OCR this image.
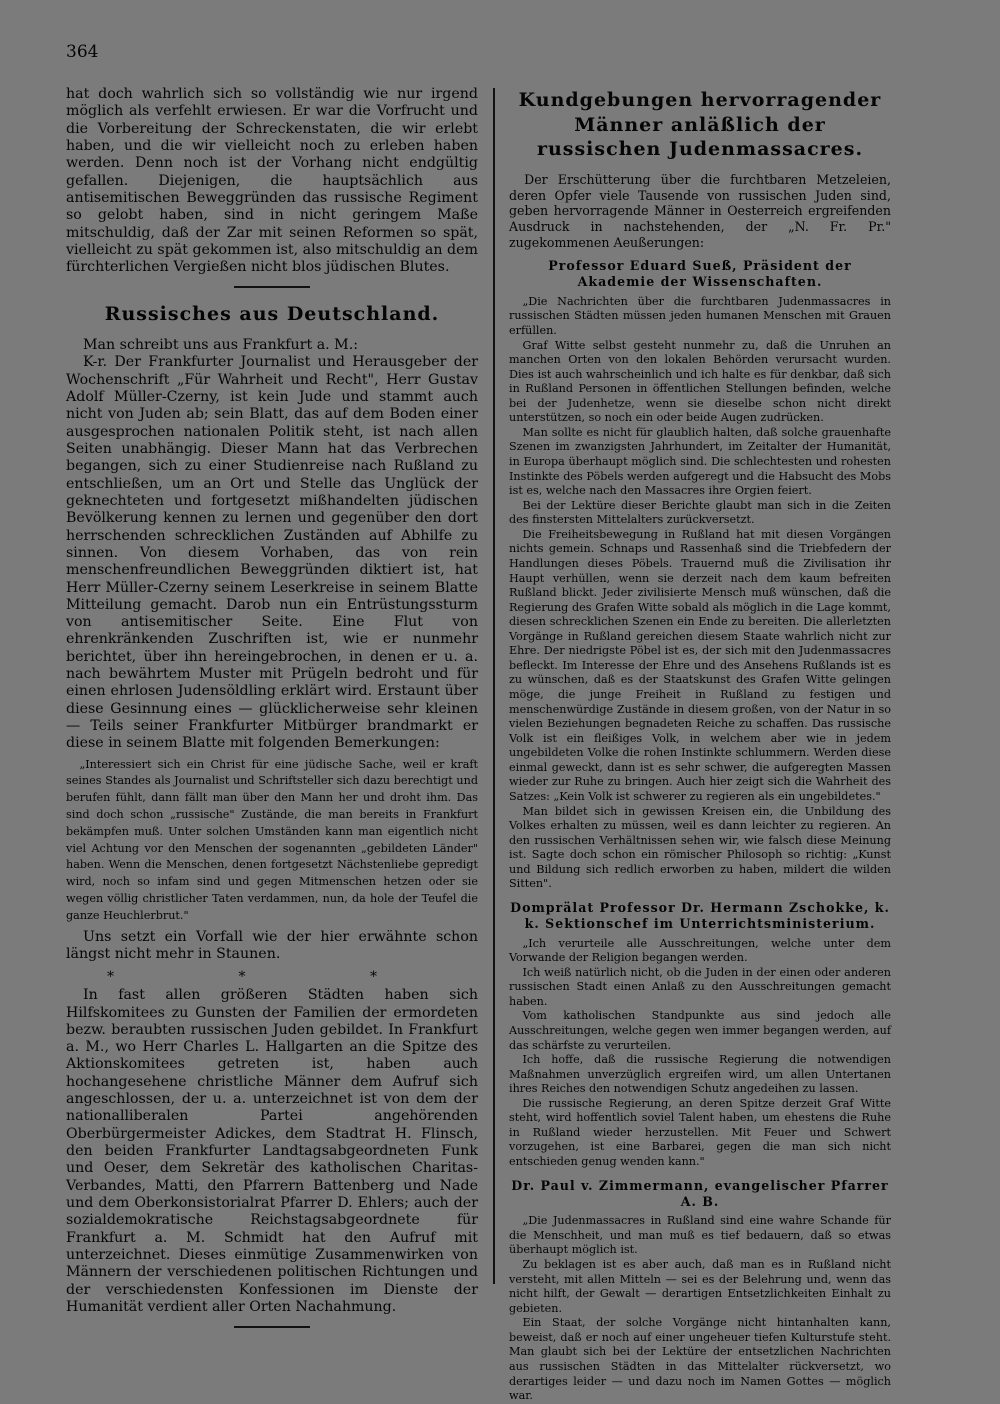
364

hat doch wahrlich sich so vollständig wie nur irgend möglich als verfehlt erwiesen. Er war die Vorfrucht und die Vorbereitung der Schreckenstaten, die wir erlebt haben, und die wir vielleicht noch zu erleben haben werden. Denn noch ist der Vorhang nicht endgültig gefallen. Diejenigen, die hauptsächlich aus antisemitischen Beweggründen das russische Regiment so gelobt haben, sind in nicht geringem Maße mitschuldig, daß der Zar mit seinen Reformen so spät, vielleicht zu spät gekommen ist, also mitschuldig an dem fürchterlichen Vergießen nicht blos jüdischen Blutes.

Russisches aus Deutschland.

Man schreibt uns aus Frankfurt a. M.:

K-r. Der Frankfurter Journalist und Herausgeber der Wochenschrift „Für Wahrheit und Recht", Herr Gustav Adolf Müller-Czerny, ist kein Jude und stammt auch nicht von Juden ab; sein Blatt, das auf dem Boden einer ausgesprochen nationalen Politik steht, ist nach allen Seiten unabhängig. Dieser Mann hat das Verbrechen begangen, sich zu einer Studienreise nach Rußland zu entschließen, um an Ort und Stelle das Unglück der geknechteten und fortgesetzt mißhandelten jüdischen Bevölkerung kennen zu lernen und gegenüber den dort herrschenden schrecklichen Zuständen auf Abhilfe zu sinnen. Von diesem Vorhaben, das von rein menschenfreundlichen Beweggründen diktiert ist, hat Herr Müller-Czerny seinem Leserkreise in seinem Blatte Mitteilung gemacht. Darob nun ein Entrüstungssturm von antisemitischer Seite. Eine Flut von ehrenkränkenden Zuschriften ist, wie er nunmehr berichtet, über ihn hereingebrochen, in denen er u. a. nach bewährtem Muster mit Prügeln bedroht und für einen ehrlosen Judensöldling erklärt wird. Erstaunt über diese Gesinnung eines — glücklicherweise sehr kleinen — Teils seiner Frankfurter Mitbürger brandmarkt er diese in seinem Blatte mit folgenden Bemerkungen:

„Interessiert sich ein Christ für eine jüdische Sache, weil er kraft seines Standes als Journalist und Schriftsteller sich dazu berechtigt und berufen fühlt, dann fällt man über den Mann her und droht ihm. Das sind doch schon „russische" Zustände, die man bereits in Frankfurt bekämpfen muß. Unter solchen Umständen kann man eigentlich nicht viel Achtung vor den Menschen der sogenannten „gebildeten Länder" haben. Wenn die Menschen, denen fortgesetzt Nächstenliebe gepredigt wird, noch so infam sind und gegen Mitmenschen hetzen oder sie wegen völlig christlicher Taten verdammen, nun, da hole der Teufel die ganze Heuchlerbrut."

Uns setzt ein Vorfall wie der hier erwähnte schon längst nicht mehr in Staunen.

* * *

In fast allen größeren Städten haben sich Hilfskomitees zu Gunsten der Familien der ermordeten bezw. beraubten russischen Juden gebildet. In Frankfurt a. M., wo Herr Charles L. Hallgarten an die Spitze des Aktionskomitees getreten ist, haben auch hochangesehene christliche Männer dem Aufruf sich angeschlossen, der u. a. unterzeichnet ist von dem der nationalliberalen Partei angehörenden Oberbürgermeister Adickes, dem Stadtrat H. Flinsch, den beiden Frankfurter Landtagsabgeordneten Funk und Oeser, dem Sekretär des katholischen Charitas-Verbandes, Matti, den Pfarrern Battenberg und Nade und dem Oberkonsistorialrat Pfarrer D. Ehlers; auch der sozialdemokratische Reichstagsabgeordnete für Frankfurt a. M. Schmidt hat den Aufruf mit unterzeichnet. Dieses einmütige Zusammenwirken von Männern der verschiedenen politischen Richtungen und der verschiedensten Konfessionen im Dienste der Humanität verdient aller Orten Nachahmung.

Kundgebungen hervorragender Männer anläßlich der russischen Judenmassacres.

Der Erschütterung über die furchtbaren Metzeleien, deren Opfer viele Tausende von russischen Juden sind, geben hervorragende Männer in Oesterreich ergreifenden Ausdruck in nachstehenden, der „N. Fr. Pr." zugekommenen Aeußerungen:

Professor Eduard Sueß, Präsident der Akademie der Wissenschaften.

„Die Nachrichten über die furchtbaren Judenmassacres in russischen Städten müssen jeden humanen Menschen mit Grauen erfüllen.

Graf Witte selbst gesteht nunmehr zu, daß die Unruhen an manchen Orten von den lokalen Behörden verursacht wurden. Dies ist auch wahrscheinlich und ich halte es für denkbar, daß sich in Rußland Personen in öffentlichen Stellungen befinden, welche bei der Judenhetze, wenn sie dieselbe schon nicht direkt unterstützen, so noch ein oder beide Augen zudrücken.

Man sollte es nicht für glaublich halten, daß solche grauenhafte Szenen im zwanzigsten Jahrhundert, im Zeitalter der Humanität, in Europa überhaupt möglich sind. Die schlechtesten und rohesten Instinkte des Pöbels werden aufgeregt und die Habsucht des Mobs ist es, welche nach den Massacres ihre Orgien feiert.

Bei der Lektüre dieser Berichte glaubt man sich in die Zeiten des finstersten Mittelalters zurückversetzt.

Die Freiheitsbewegung in Rußland hat mit diesen Vorgängen nichts gemein. Schnaps und Rassenhaß sind die Triebfedern der Handlungen dieses Pöbels. Trauernd muß die Zivilisation ihr Haupt verhüllen, wenn sie derzeit nach dem kaum befreiten Rußland blickt. Jeder zivilisierte Mensch muß wünschen, daß die Regierung des Grafen Witte sobald als möglich in die Lage kommt, diesen schrecklichen Szenen ein Ende zu bereiten. Die allerletzten Vorgänge in Rußland gereichen diesem Staate wahrlich nicht zur Ehre. Der niedrigste Pöbel ist es, der sich mit den Judenmassacres befleckt. Im Interesse der Ehre und des Ansehens Rußlands ist es zu wünschen, daß es der Staatskunst des Grafen Witte gelingen möge, die junge Freiheit in Rußland zu festigen und menschenwürdige Zustände in diesem großen, von der Natur in so vielen Beziehungen begnadeten Reiche zu schaffen. Das russische Volk ist ein fleißiges Volk, in welchem aber wie in jedem ungebildeten Volke die rohen Instinkte schlummern. Werden diese einmal geweckt, dann ist es sehr schwer, die aufgeregten Massen wieder zur Ruhe zu bringen. Auch hier zeigt sich die Wahrheit des Satzes: „Kein Volk ist schwerer zu regieren als ein ungebildetes."

Man bildet sich in gewissen Kreisen ein, die Unbildung des Volkes erhalten zu müssen, weil es dann leichter zu regieren. An den russischen Verhältnissen sehen wir, wie falsch diese Meinung ist. Sagte doch schon ein römischer Philosoph so richtig: „Kunst und Bildung sich redlich erworben zu haben, mildert die wilden Sitten".

Domprälat Professor Dr. Hermann Zschokke, k. k. Sektionschef im Unterrichtsministerium.

„Ich verurteile alle Ausschreitungen, welche unter dem Vorwande der Religion begangen werden.

Ich weiß natürlich nicht, ob die Juden in der einen oder anderen russischen Stadt einen Anlaß zu den Ausschreitungen gemacht haben.

Vom katholischen Standpunkte aus sind jedoch alle Ausschreitungen, welche gegen wen immer begangen werden, auf das schärfste zu verurteilen.

Ich hoffe, daß die russische Regierung die notwendigen Maßnahmen unverzüglich ergreifen wird, um allen Untertanen ihres Reiches den notwendigen Schutz angedeihen zu lassen.

Die russische Regierung, an deren Spitze derzeit Graf Witte steht, wird hoffentlich soviel Talent haben, um ehestens die Ruhe in Rußland wieder herzustellen. Mit Feuer und Schwert vorzugehen, ist eine Barbarei, gegen die man sich nicht entschieden genug wenden kann."

Dr. Paul v. Zimmermann, evangelischer Pfarrer A. B.

„Die Judenmassacres in Rußland sind eine wahre Schande für die Menschheit, und man muß es tief bedauern, daß so etwas überhaupt möglich ist.

Zu beklagen ist es aber auch, daß man es in Rußland nicht versteht, mit allen Mitteln — sei es der Belehrung und, wenn das nicht hilft, der Gewalt — derartigen Entsetzlichkeiten Einhalt zu gebieten.

Ein Staat, der solche Vorgänge nicht hintanhalten kann, beweist, daß er noch auf einer ungeheuer tiefen Kulturstufe steht. Man glaubt sich bei der Lektüre der entsetzlichen Nachrichten aus russischen Städten in das Mittelalter rückversetzt, wo derartiges leider — und dazu noch im Namen Gottes — möglich war.
